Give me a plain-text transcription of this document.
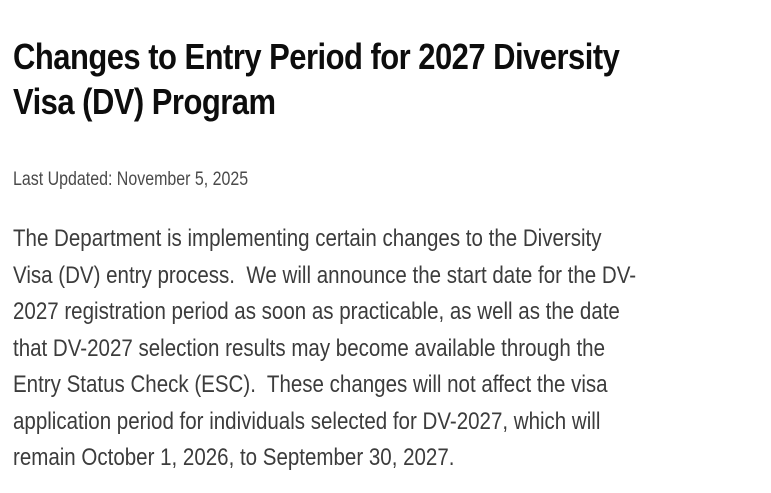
Changes to Entry Period for 2027 Diversity
Visa (DV) Program
Last Updated: November 5, 2025

The Department is implementing certain changes to the Diversity
Visa (DV) entry process.  We will announce the start date for the DV-
2027 registration period as soon as practicable, as well as the date
that DV-2027 selection results may become available through the
Entry Status Check (ESC).  These changes will not affect the visa
application period for individuals selected for DV-2027, which will
remain October 1, 2026, to September 30, 2027.
